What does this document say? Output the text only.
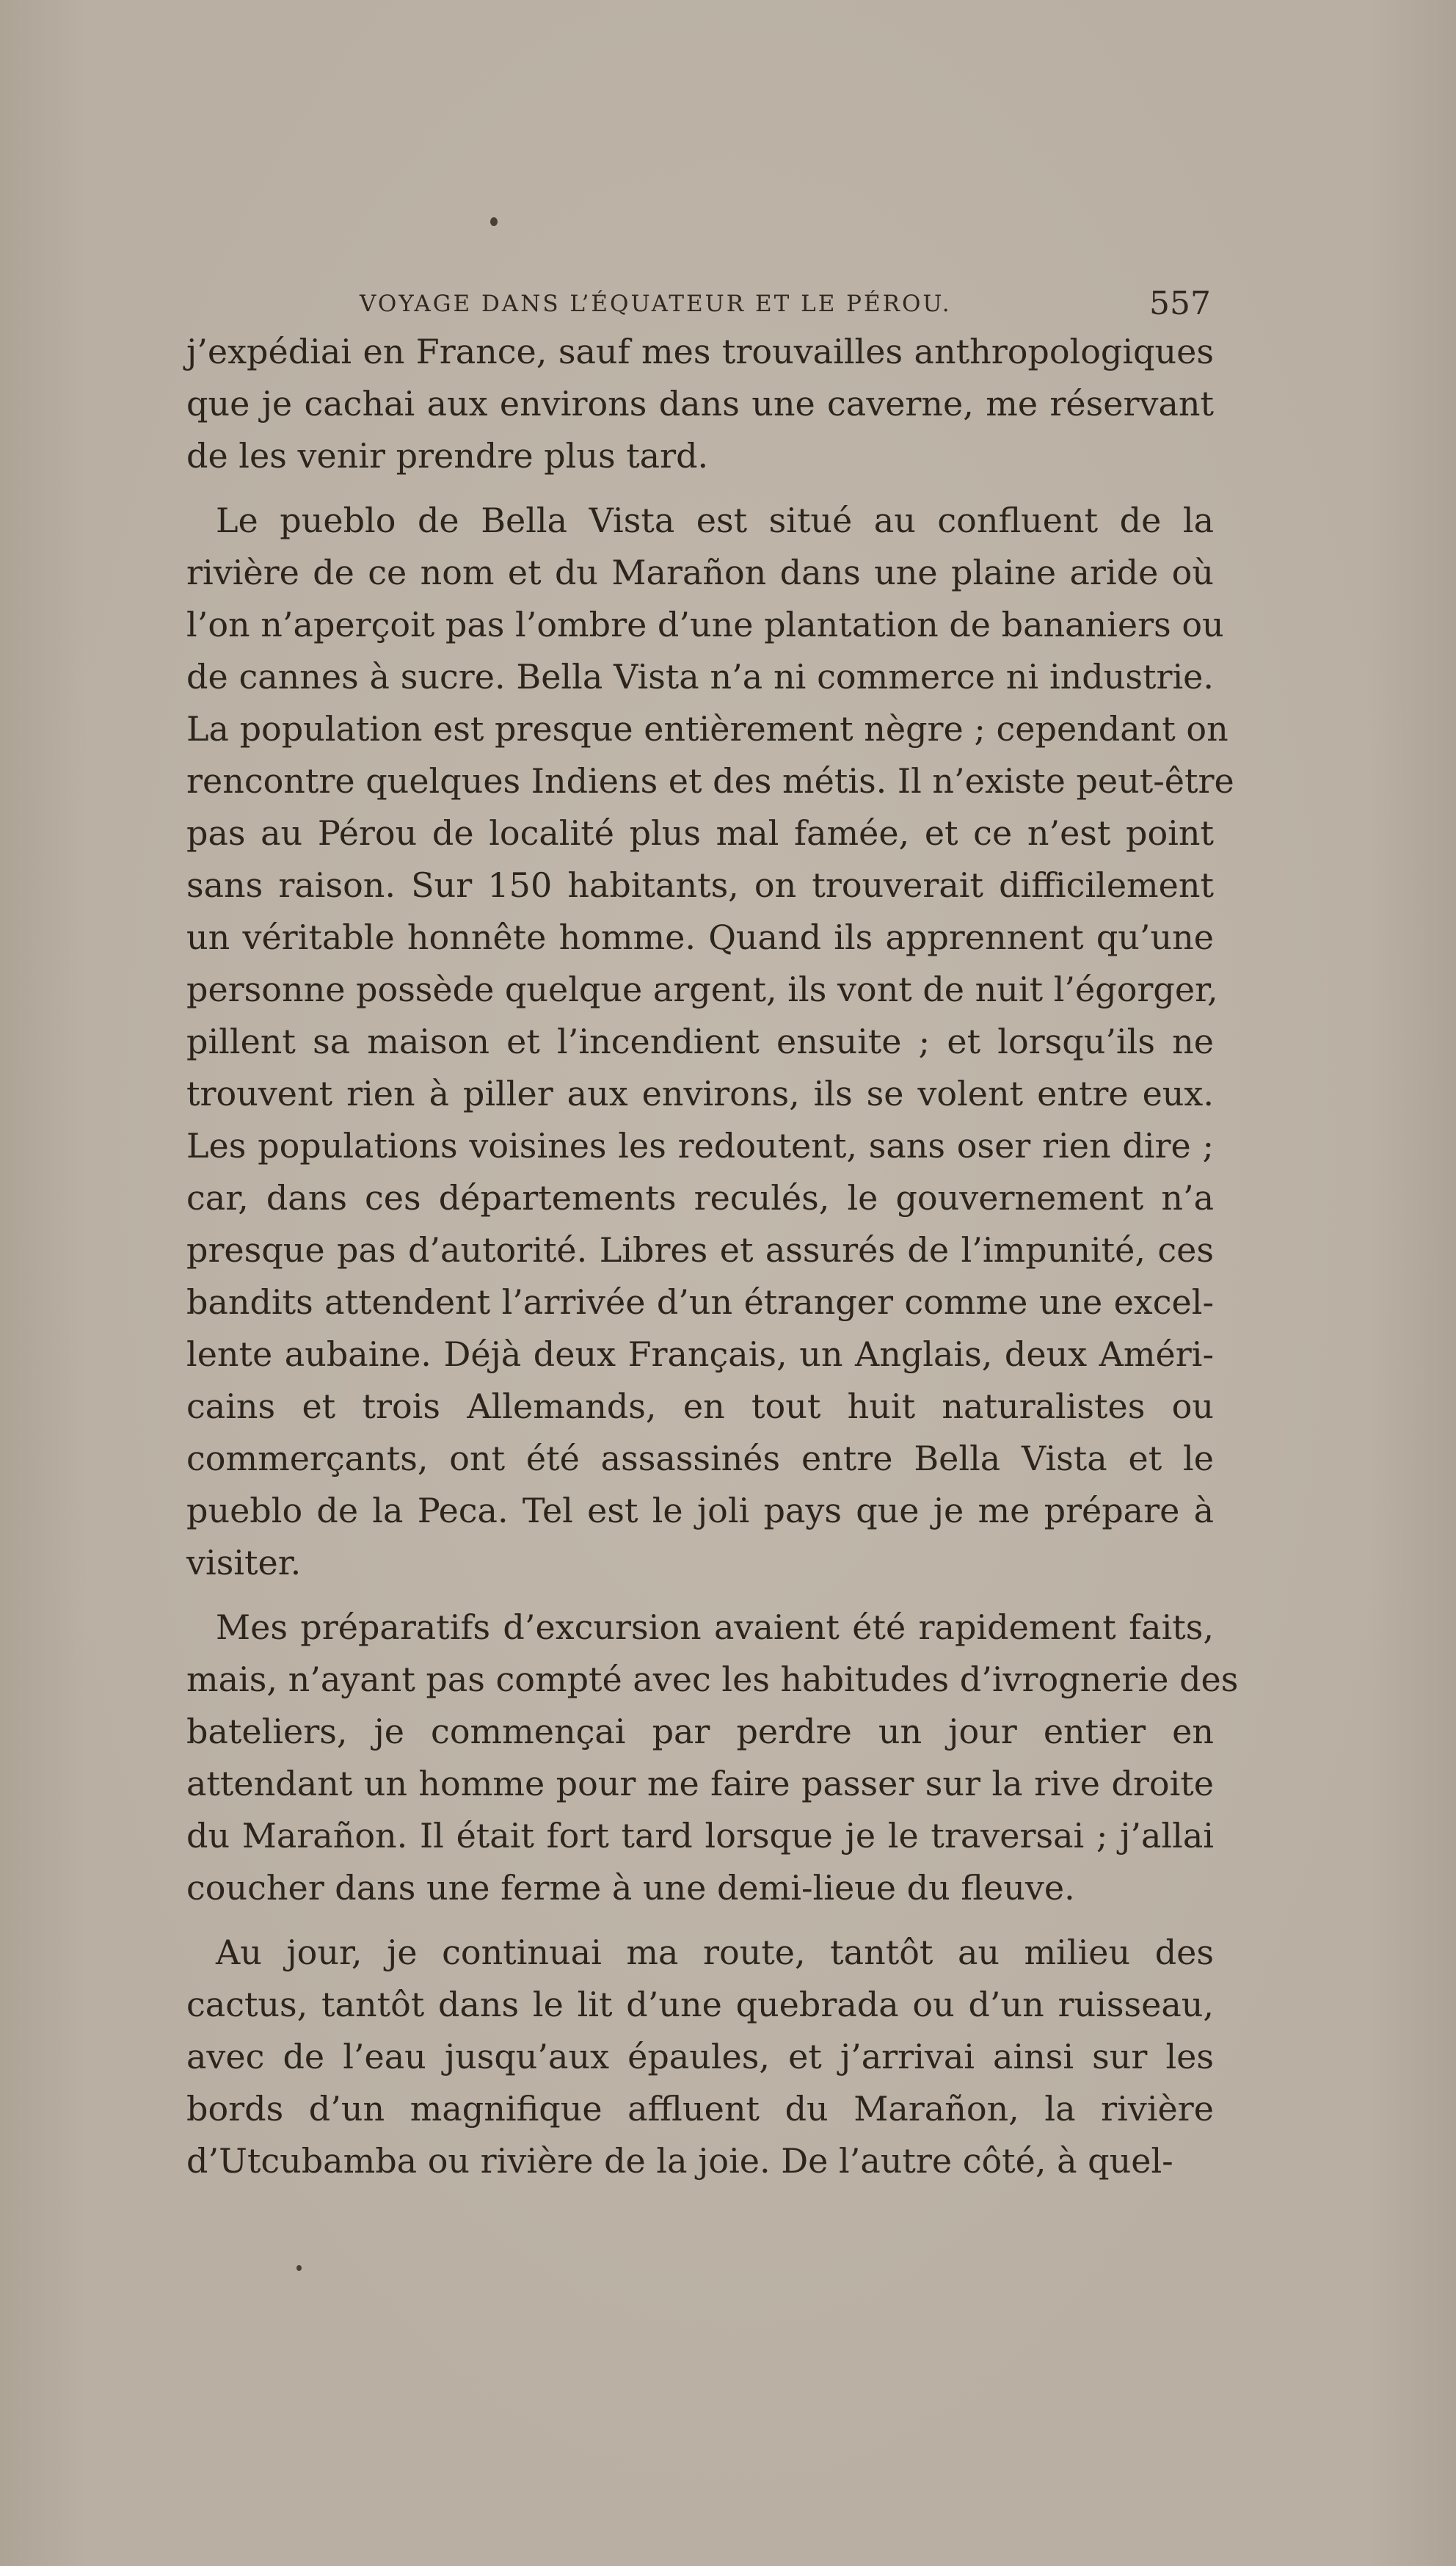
VOYAGE DANS L’ÉQUATEUR ET LE PÉROU.	557
j’expédiai en France, sauf mes trouvailles anthropologiques
que je cachai aux environs dans une caverne, me réservant
de les venir prendre plus tard.
Le pueblo de Bella Vista est situé au confluent de la
rivière de ce nom et du Marañon dans une plaine aride où
l’on n’aperçoit pas l’ombre d’une plantation de bananiers ou
de cannes à sucre. Bella Vista n’a ni commerce ni industrie.
La population est presque entièrement nègre ; cependant on
rencontre quelques Indiens et des métis. Il n’existe peut-être
pas au Pérou de localité plus mal famée, et ce n’est point
sans raison. Sur 150 habitants, on trouverait difficilement
un véritable honnête homme. Quand ils apprennent qu’une
personne possède quelque argent, ils vont de nuit l’égorger,
pillent sa maison et l’incendient ensuite ; et lorsqu’ils ne
trouvent rien à piller aux environs, ils se volent entre eux.
Les populations voisines les redoutent, sans oser rien dire ;
car, dans ces départements reculés, le gouvernement n’a
presque pas d’autorité. Libres et assurés de l’impunité, ces
bandits attendent l’arrivée d’un étranger comme une excel-
lente aubaine. Déjà deux Français, un Anglais, deux Améri-
cains et trois Allemands, en tout huit naturalistes ou
commerçants, ont été assassinés entre Bella Vista et le
pueblo de la Peca. Tel est le joli pays que je me prépare à
visiter.
Mes préparatifs d’excursion avaient été rapidement faits,
mais, n’ayant pas compté avec les habitudes d’ivrognerie des
bateliers, je commençai par perdre un jour entier en
attendant un homme pour me faire passer sur la rive droite
du Marañon. Il était fort tard lorsque je le traversai ; j’allai
coucher dans une ferme à une demi-lieue du fleuve.
Au jour, je continuai ma route, tantôt au milieu des
cactus, tantôt dans le lit d’une quebrada ou d’un ruisseau,
avec de l’eau jusqu’aux épaules, et j’arrivai ainsi sur les
bords d’un magnifique affluent du Marañon, la rivière
d’Utcubamba ou rivière de la joie. De l’autre côté, à quel-
